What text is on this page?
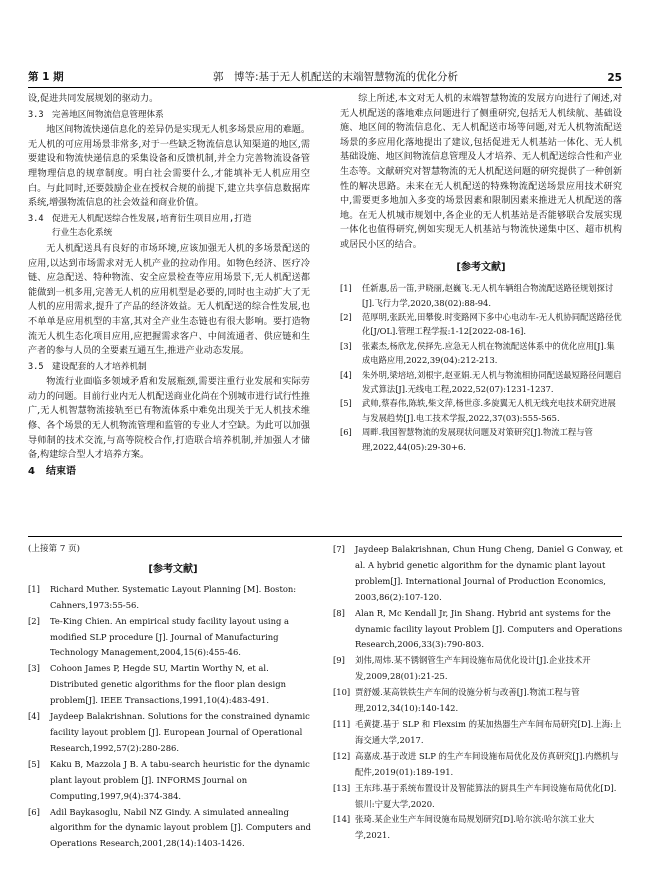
第 1 期	郭　博等:基于无人机配送的末端智慧物流的优化分析	25

设,促进共同发展规划的驱动力。

3.3 完善地区间物流信息管理体系

地区间物流快递信息化的差异仍是实现无人机多场景应用的难题。无人机的可应用场景非常多,对于一些缺乏物流信息认知渠道的地区,需要建设和物流快递信息的采集设备和反馈机制,并全力完善物流设备管理物理信息的规章制度。明白社会需要什么,才能填补无人机应用空白。与此同时,还要鼓励企业在授权合规的前提下,建立共享信息数据库系统,增强物流信息的社会效益和商业价值。

3.4 促进无人机配送综合性发展,培育衍生项目应用,打造
行业生态化系统

无人机配送具有良好的市场环境,应该加强无人机的多场景配送的应用,以达到市场需求对无人机产业的拉动作用。如物色经济、医疗冷链、应急配送、特种物流、安全应景检查等应用场景下,无人机配送都能做到一机多用,完善无人机的应用机型是必要的,同时也主动扩大了无人机的应用需求,提升了产品的经济效益。无人机配送的综合性发展,也不单单是应用机型的丰富,其对全产业生态链也有很大影响。要打造物流无人机生态化项目应用,应把握需求客户、中间流通者、供应链和生产者的参与人员的全要素互通互生,推进产业动态发展。

3.5 建设配套的人才培养机制

物流行业面临多领域矛盾和发展瓶颈,需要注重行业发展和实际劳动力的问题。目前行业内无人机配送商业化尚在个别城市进行试行性推广,无人机智慧物流接轨至已有物流体系中难免出现关于无人机技术维修、各个场景的无人机物流管理和监管的专业人才空缺。为此可以加强导师制的技术交流,与高等院校合作,打造联合培养机制,并加强人才储备,构建综合型人才培养方案。

4 结束语

综上所述,本文对无人机的末端智慧物流的发展方向进行了阐述,对无人机配送的落地难点问题进行了侧重研究,包括无人机续航、基础设施、地区间的物流信息化、无人机配送市场等问题,对无人机物流配送场景的多应用化落地提出了建议,包括促进无人机基站一体化、无人机基础设施、地区间物流信息管理及人才培养、无人机配送综合性和产业生态等。文献研究对智慧物流的无人机配送问题的研究提供了一种创新性的解决思路。未来在无人机配送的特殊物流配送场景应用技术研究中,需要更多地加入多变的场景因素和限制因素来推进无人机配送的落地。在无人机城市规划中,各企业的无人机基站是否能够联合发展实现一体化也值得研究,例如实现无人机基站与物流快递集中区、超市机构或居民小区的结合。

[参考文献]
[1]	任新惠,岳一笛,尹晓丽,赵巍飞.无人机车辆组合物流配送路径规划探讨[J].飞行力学,2020,38(02):88-94.
[2]	范厚明,张跃光,田攀俊.时变路网下多中心电动车-无人机协同配送路径优化[J/OL].管理工程学报:1-12[2022-08-16].
[3]	张素杰,杨欣龙,侯择先.应急无人机在物流配送体系中的优化应用[J].集成电路应用,2022,39(04):212-213.
[4]	朱外明,梁培培,刘根宇,赵亚娟.无人机与物流相协同配送最短路径问题启发式算法[J].无线电工程,2022,52(07):1231-1237.
[5]	武帅,蔡春伟,陈轶,柴文萍,杨世彦.多旋翼无人机无线充电技术研究进展与发展趋势[J].电工技术学报,2022,37(03):555-565.
[6]	周畔.我国智慧物流的发展现状问题及对策研究[J].物流工程与管理,2022,44(05):29-30+6.
(上接第 7 页)
[参考文献]
[1]	Richard Muther. Systematic Layout Planning [M]. Boston: Cahners,1973:55-56.
[2]	Te-King Chien. An empirical study facility layout using a modified SLP procedure [J]. Journal of Manufacturing Technology Management,2004,15(6):455-46.
[3]	Cohoon James P, Hegde SU, Martin Worthy N, et al. Distributed genetic algorithms for the floor plan design problem[J]. IEEE Transactions,1991,10(4):483-491.
[4]	Jaydeep Balakrishnan. Solutions for the constrained dynamic facility layout problem [J]. European Journal of Operational Research,1992,57(2):280-286.
[5]	Kaku B, Mazzola J B. A tabu-search heuristic for the dynamic plant layout problem [J]. INFORMS Journal on Computing,1997,9(4):374-384.
[6]	Adil Baykasoglu, Nabil NZ Gindy. A simulated annealing algorithm for the dynamic layout problem [J]. Computers and Operations Research,2001,28(14):1403-1426.
[7]	Jaydeep Balakrishnan, Chun Hung Cheng, Daniel G Conway, et al. A hybrid genetic algorithm for the dynamic plant layout problem[J]. International Journal of Production Economics, 2003,86(2):107-120.
[8]	Alan R, Mc Kendall Jr, Jin Shang. Hybrid ant systems for the dynamic facility layout Problem [J]. Computers and Operations Research,2006,33(3):790-803.
[9]	刘伟,周炜.某不锈钢管生产车间设施布局优化设计[J].企业技术开发,2009,28(01):21-25.
[10] 贾舒媛.某高铁铁生产车间的设施分析与改善[J].物流工程与管理,2012,34(10):140-142.
[11] 毛黄捷.基于 SLP 和 Flexsim 的某加热器生产车间布局研究[D].上海:上海交通大学,2017.
[12] 高嘉成.基于改进 SLP 的生产车间设施布局优化及仿真研究[J].内燃机与配件,2019(01):189-191.
[13] 王东玮.基于系统布置设计及智能算法的厨具生产车间设施布局优化[D].银川:宁夏大学,2020.
[14] 张琦.某企业生产车间设施布局规划研究[D].哈尔滨:哈尔滨工业大学,2021.
